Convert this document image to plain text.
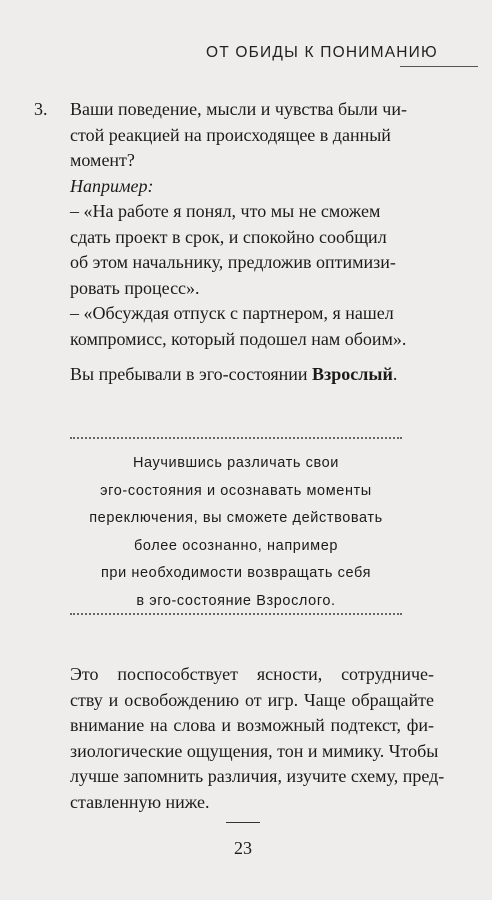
ОТ ОБИДЫ К ПОНИМАНИЮ
3. Ваши поведение, мысли и чувства были чи-
стой реакцией на происходящее в данный
момент?
Например:
– «На работе я понял, что мы не сможем
сдать проект в срок, и спокойно сообщил
об этом начальнику, предложив оптимизи-
ровать процесс».
– «Обсуждая отпуск с партнером, я нашел
компромисс, который подошел нам обоим».
Вы пребывали в эго-состоянии Взрослый.
Научившись различать свои
эго-состояния и осознавать моменты
переключения, вы сможете действовать
более осознанно, например
при необходимости возвращать себя
в эго-состояние Взрослого.
Это поспособствует ясности, сотрудниче-
ству и освобождению от игр. Чаще обращайте
внимание на слова и возможный подтекст, фи-
зиологические ощущения, тон и мимику. Чтобы
лучше запомнить различия, изучите схему, пред-
ставленную ниже.
23
